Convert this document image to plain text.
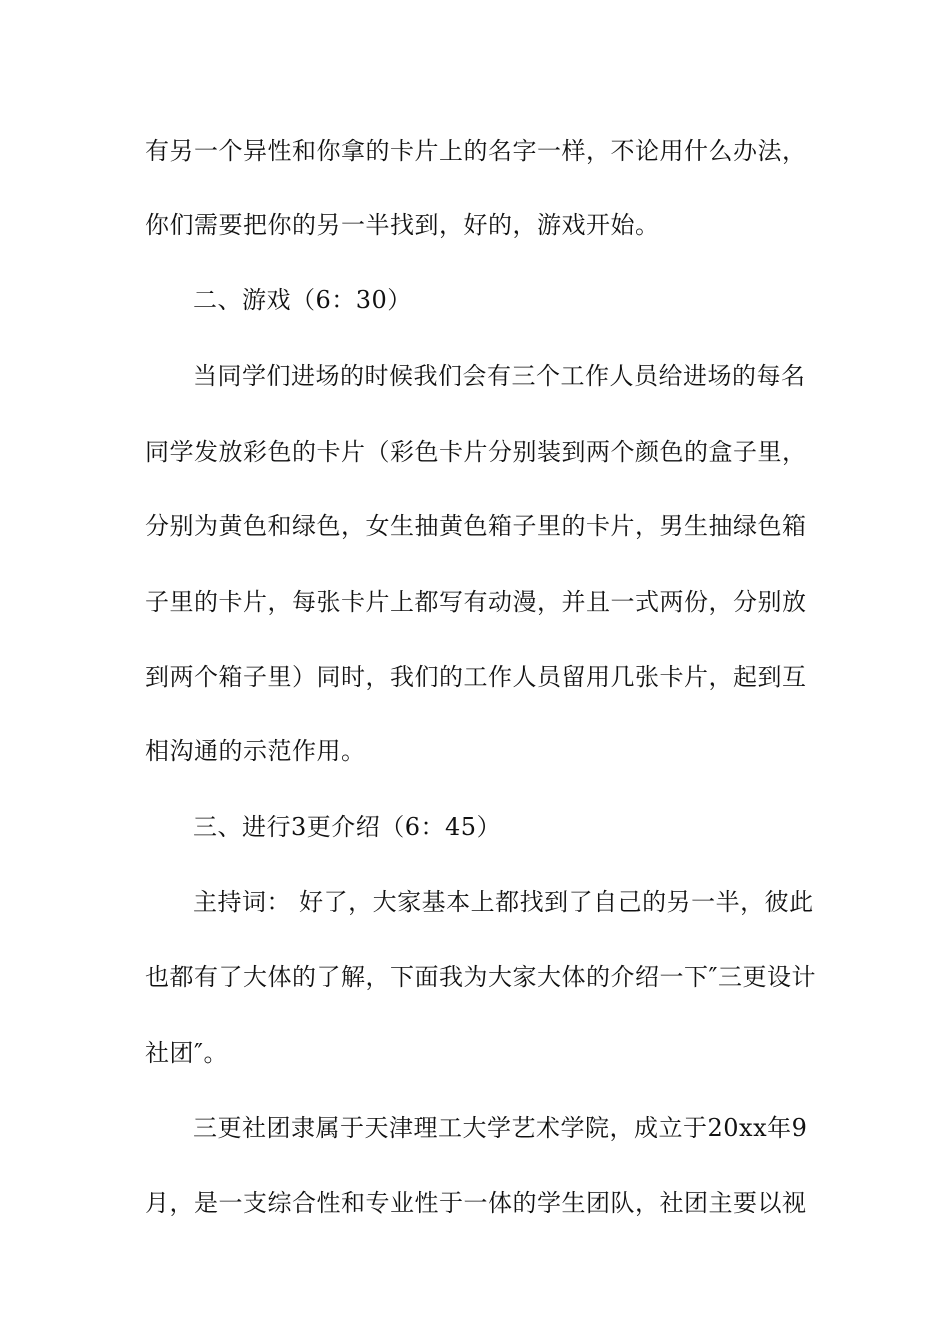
有另一个异性和你拿的卡片上的名字一样，不论用什么办法，
你们需要把你的另一半找到，好的，游戏开始。
二、游戏（6：30）
当同学们进场的时候我们会有三个工作人员给进场的每名
同学发放彩色的卡片（彩色卡片分别装到两个颜色的盒子里，
分别为黄色和绿色，女生抽黄色箱子里的卡片，男生抽绿色箱
子里的卡片，每张卡片上都写有动漫，并且一式两份，分别放
到两个箱子里）同时，我们的工作人员留用几张卡片，起到互
相沟通的示范作用。
三、进行3更介绍（6：45）
主持词： 好了，大家基本上都找到了自己的另一半，彼此
也都有了大体的了解，下面我为大家大体的介绍一下″三更设计
社团″。
三更社团隶属于天津理工大学艺术学院，成立于20xx年9
月，是一支综合性和专业性于一体的学生团队，社团主要以视
